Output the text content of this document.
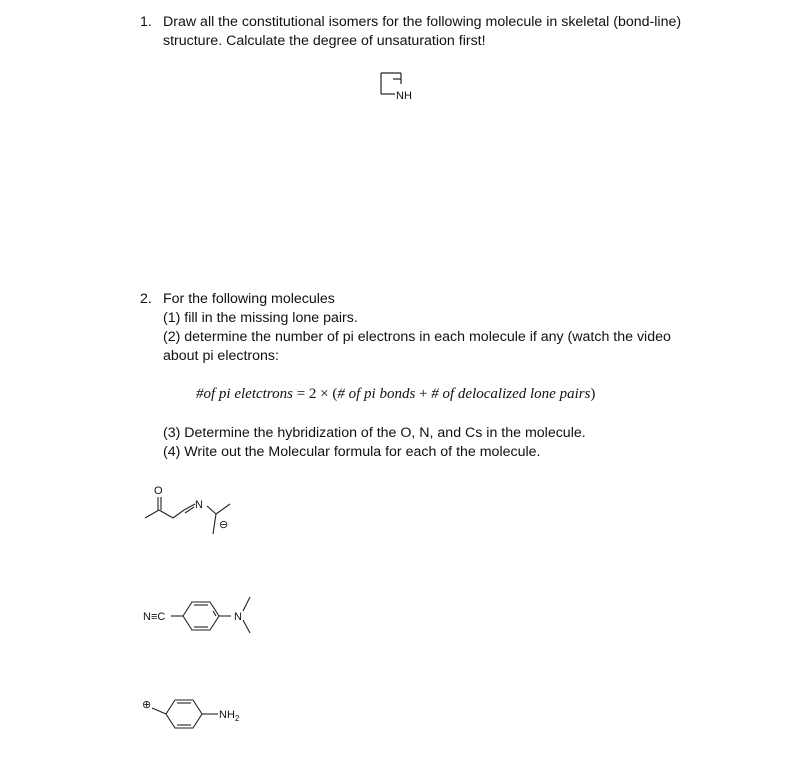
1. Draw all the constitutional isomers for the following molecule in skeletal (bond-line)
structure. Calculate the degree of unsaturation first!
NH
2. For the following molecules
(1) fill in the missing lone pairs.
(2) determine the number of pi electrons in each molecule if any (watch the video
about pi electrons:
(3) Determine the hybridization of the O, N, and Cs in the molecule.
(4) Write out the Molecular formula for each of the molecule.
#of pi eletctrons = 2 × (# of pi bonds + # of delocalized lone pairs)
O
N
⊖
N≡C	N
⊕
$NH_2$
